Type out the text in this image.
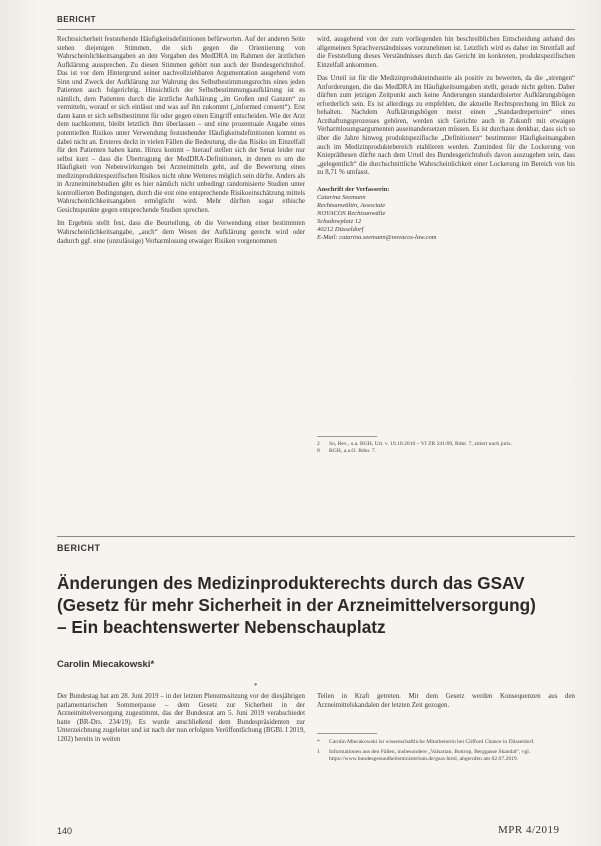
BERICHT

Rechtssicherheit feststehende Häufigkeitsdefinitionen befürworten. Auf der anderen Seite stehen diejenigen Stimmen, die sich gegen die Orientierung von Wahrscheinlichkeitsangaben an den Vorgaben des MedDRA im Rahmen der ärztlichen Aufklärung aussprechen. Zu diesen Stimmen gehört nun auch der Bundesgerichtshof. Das ist vor dem Hintergrund seiner nachvollziehbaren Argumentation ausgehend vom Sinn und Zweck der Aufklärung zur Wahrung des Selbstbestimmungsrechts eines jeden Patienten auch folgerichtig. Hinsichtlich der Selbstbestimmungsaufklärung ist es nämlich, dem Patienten durch die ärztliche Aufklärung „im Großen und Ganzen“ zu vermitteln, worauf er sich einlässt und was auf ihn zukommt („informed consent“). Erst dann kann er sich selbstbestimmt für oder gegen einen Eingriff entscheiden. Wie der Arzt dem nachkommt, bleibt letztlich ihm überlassen – und eine prozentuale Angabe eines potentiellen Risikos unter Verwendung feststehender Häufigkeitsdefinitionen kommt es dabei nicht an. Ersteres deckt in vielen Fällen die Bedeutung, die das Risiko im Einzelfall für den Patienten haben kann. Hinzu kommt – hierauf stellen sich der Senat leider nur selbst kurz – dass die Übertragung der MedDRA-Definitionen, in denen es um die Häufigkeit von Nebenwirkungen bei Arzneimitteln geht, auf die Bewertung eines medizinproduktespezifischen Risikos nicht ohne Weiteres möglich sein dürfte. Anders als in Arzneimittelstudien gibt es hier nämlich nicht unbedingt randomisierte Studien unter kontrollierten Bedingungen, durch die erst eine entsprechende Risikoeinschätzung mittels Wahrscheinlichkeitsangaben ermöglicht wird. Mehr dürften sogar ethische Gesichtspunkte gegen entsprechende Studien sprechen.

Im Ergebnis stellt fest, dass die Beurteilung, ob die Verwendung einer bestimmten Wahrscheinlichkeitsangabe, „auch“ dem Wesen der Aufklärung gerecht wird oder dadurch ggf. eine (unzulässige) Verharmlosung etwaiger Risiken vorgenommen

wird, ausgehend von der zum vorliegenden hin beschreiblichen Entscheidung anhand des allgemeinen Sprachverständnisses vorzunehmen ist. Letztlich wird es daher im Streitfall auf die Feststellung dieses Verständnisses durch das Gericht im konkreten, produktspezifischen Einzelfall ankommen.

Das Urteil ist für die Medizinprodukteindustrie als positiv zu bewerten, da die „strengen“ Anforderungen, die das MedDRA im Häufigkeitsumgaben stellt, gerade nicht gelten. Daher dürften zum jetzigen Zeitpunkt auch keine Änderungen standardisierter Aufklärungsbögen erforderlich sein. Es ist allerdings zu empfehlen, die aktuelle Rechtsprechung im Blick zu behalten. Nachdem Aufklärungsbögen meist einen „Standardrepertoire“ eines Arzthaftungsprozesses gehören, werden sich Gerichte auch in Zukunft mit etwaigen Verharmlosungsargumenten auseinandersetzen müssen. Es ist durchaus denkbar, dass sich so über die Jahre hinweg produktspezifische „Definitionen“ bestimmter Häufigkeitsangaben auch im Medizinproduktebereich etablieren werden. Zumindest für die Lockerung von Kniepräthesen dürfte nach dem Urteil des Bundesgerichtshofs davon auszugehen sein, dass „gelegentlich“ die durchschnittliche Wahrscheinlichkeit einer Lockerung im Bereich von bis zu 8,71 % umfasst.

Anschrift der Verfasserin:
Catarina Seemann
Rechtsanwältin, Associate
NOVACOS Rechtsanwälte
Schadowplatz 12
40212 Düsseldorf
E-Mail: catarina.seemann@novacos-law.com
2	So, Rev., u.a. BGH, Urt. v. 19.10.2010 – VI ZR 241/09, Rdnr. 7, zitiert nach juris.
8	BGH, a.a.O. Rdnr. 7.
BERICHT
Änderungen des Medizinprodukterechts durch das GSAV
(Gesetz für mehr Sicherheit in der Arzneimittelversorgung)
– Ein beachtenswerter Nebenschauplatz
Carolin Miecakowski*
*

Der Bundestag hat am 28. Juni 2019 – in der letzten Plenumssitzung vor der diesjährigen parlamentarischen Sommerpause – dem Gesetz zur Sicherheit in der Arzneimittelversorgung zugestimmt, das der Bundesrat am 5. Juni 2019 verabschiedet hatte (BR-Drs. 234/19). Es wurde anschließend dem Bundespräsidenten zur Unterzeichnung zugeleitet und ist nach der nun erfolgten Veröffentlichung (BGBl. I 2019, 1202) bereits in weiten

Teilen in Kraft getreten. Mit dem Gesetz werden Konsequenzen aus den Arzneimittelskandalen der letzten Zeit gezogen.

*	Carolin Miecakowski ist wissenschaftliche Mitarbeiterin bei Clifford Chance in Düsseldorf.
1	Informationen aus den Fällen, insbesondere „Valsartan, Bottrop, Berggasse Skandal“, vgl. https://www.bundesgesundheitsministerium.de/gsav.html, abgerufen am 02.07.2019.
140	MPR 4/2019
